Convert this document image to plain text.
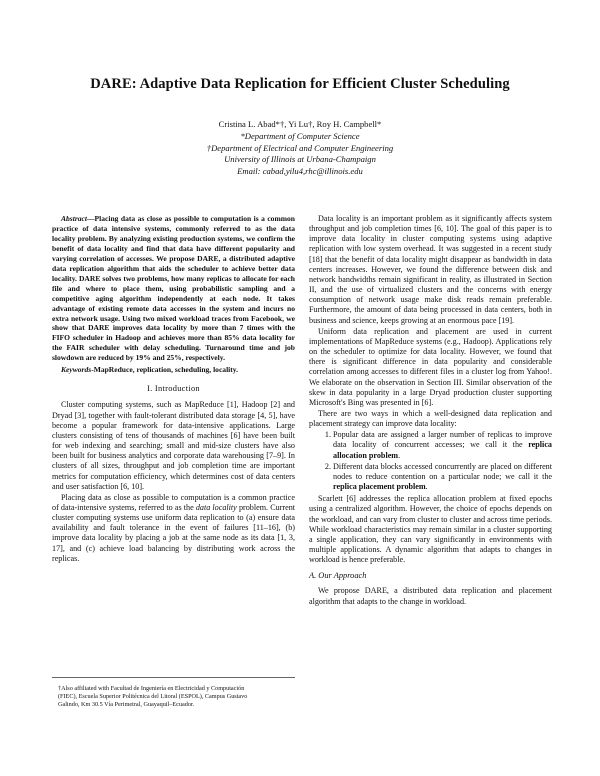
DARE: Adaptive Data Replication for Efficient Cluster Scheduling
Cristina L. Abad*†, Yi Lu†, Roy H. Campbell*
*Department of Computer Science
†Department of Electrical and Computer Engineering
University of Illinois at Urbana-Champaign
Email: cabad,yilu4,rhc@illinois.edu

Abstract—Placing data as close as possible to computation is a common practice of data intensive systems, commonly referred to as the data locality problem. By analyzing existing production systems, we confirm the benefit of data locality and find that data have different popularity and varying correlation of accesses. We propose DARE, a distributed adaptive data replication algorithm that aids the scheduler to achieve better data locality. DARE solves two problems, how many replicas to allocate for each file and where to place them, using probabilistic sampling and a competitive aging algorithm independently at each node. It takes advantage of existing remote data accesses in the system and incurs no extra network usage. Using two mixed workload traces from Facebook, we show that DARE improves data locality by more than 7 times with the FIFO scheduler in Hadoop and achieves more than 85% data locality for the FAIR scheduler with delay scheduling. Turnaround time and job slowdown are reduced by 19% and 25%, respectively.

Keywords-MapReduce, replication, scheduling, locality.

I. Introduction

Cluster computing systems, such as MapReduce [1], Hadoop [2] and Dryad [3], together with fault-tolerant distributed data storage [4, 5], have become a popular framework for data-intensive applications. Large clusters consisting of tens of thousands of machines [6] have been built for web indexing and searching; small and mid-size clusters have also been built for business analytics and corporate data warehousing [7–9]. In clusters of all sizes, throughput and job completion time are important metrics for computation efficiency, which determines cost of data centers and user satisfaction [6, 10].

Placing data as close as possible to computation is a common practice of data-intensive systems, referred to as the data locality problem. Current cluster computing systems use uniform data replication to (a) ensure data availability and fault tolerance in the event of failures [11–16], (b) improve data locality by placing a job at the same node as its data [1, 3, 17], and (c) achieve load balancing by distributing work across the replicas.

†Also affiliated with Facultad de Ingeniería en Electricidad y Computación
(FIEC), Escuela Superior Politécnica del Litoral (ESPOL), Campus Gustavo
Galindo, Km 30.5 Vía Perimetral, Guayaquil–Ecuador.

Data locality is an important problem as it significantly affects system throughput and job completion times [6, 10]. The goal of this paper is to improve data locality in cluster computing systems using adaptive replication with low system overhead. It was suggested in a recent study [18] that the benefit of data locality might disappear as bandwidth in data centers increases. However, we found the difference between disk and network bandwidths remain significant in reality, as illustrated in Section II, and the use of virtualized clusters and the concerns with energy consumption of network usage make disk reads remain preferable. Furthermore, the amount of data being processed in data centers, both in business and science, keeps growing at an enormous pace [19].

Uniform data replication and placement are used in current implementations of MapReduce systems (e.g., Hadoop). Applications rely on the scheduler to optimize for data locality. However, we found that there is significant difference in data popularity and considerable correlation among accesses to different files in a cluster log from Yahoo!. We elaborate on the observation in Section III. Similar observation of the skew in data popularity in a large Dryad production cluster supporting Microsoft's Bing was presented in [6].

There are two ways in which a well-designed data replication and placement strategy can improve data locality:

1. Popular data are assigned a larger number of replicas to improve data locality of concurrent accesses; we call it the replica allocation problem.
2. Different data blocks accessed concurrently are placed on different nodes to reduce contention on a particular node; we call it the replica placement problem.

Scarlett [6] addresses the replica allocation problem at fixed epochs using a centralized algorithm. However, the choice of epochs depends on the workload, and can vary from cluster to cluster and across time periods. While workload characteristics may remain similar in a cluster supporting a single application, they can vary significantly in environments with multiple applications. A dynamic algorithm that adapts to changes in workload is hence preferable.

A. Our Approach

We propose DARE, a distributed data replication and placement algorithm that adapts to the change in workload.
